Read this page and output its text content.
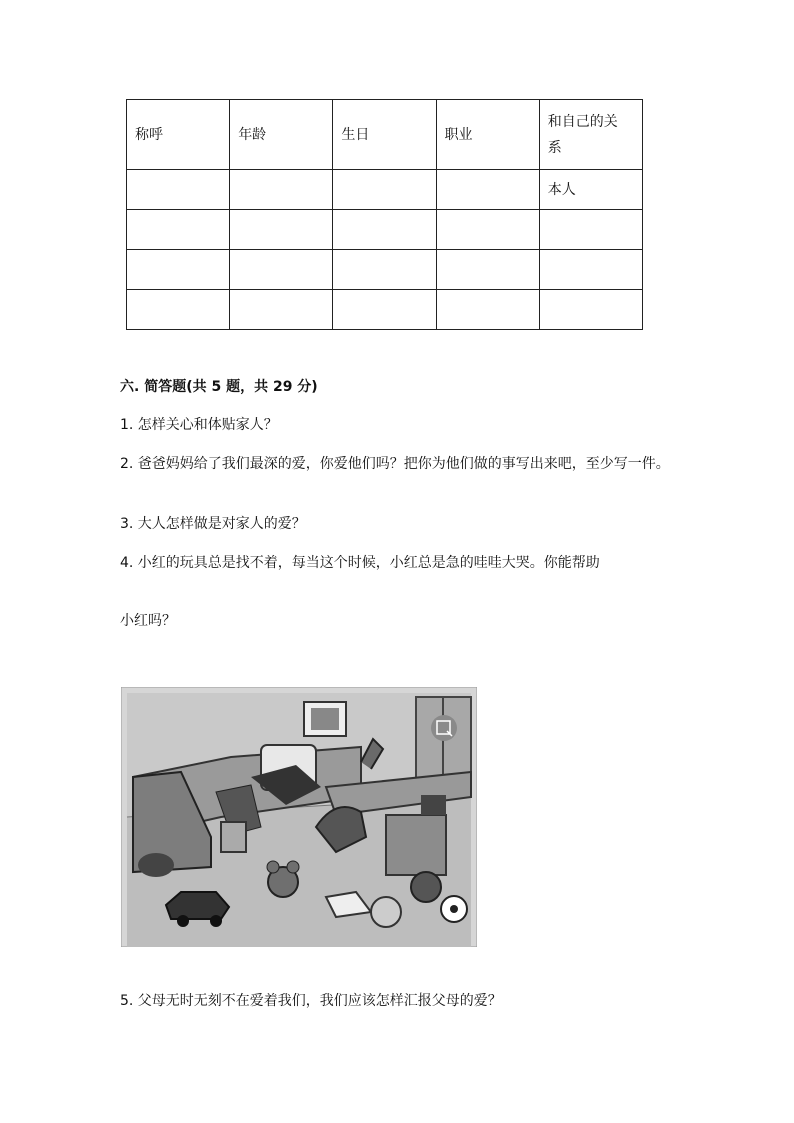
称呼	年龄	生日	职业	和自己的关系
				本人

六. 简答题(共 5 题，共 29 分)
1. 怎样关心和体贴家人？
2. 爸爸妈妈给了我们最深的爱，你爱他们吗？把你为他们做的事写出来吧，至少写一件。
3. 大人怎样做是对家人的爱？
4. 小红的玩具总是找不着，每当这个时候，小红总是急的哇哇大哭。你能帮助
小红吗？
5. 父母无时无刻不在爱着我们，我们应该怎样汇报父母的爱？
